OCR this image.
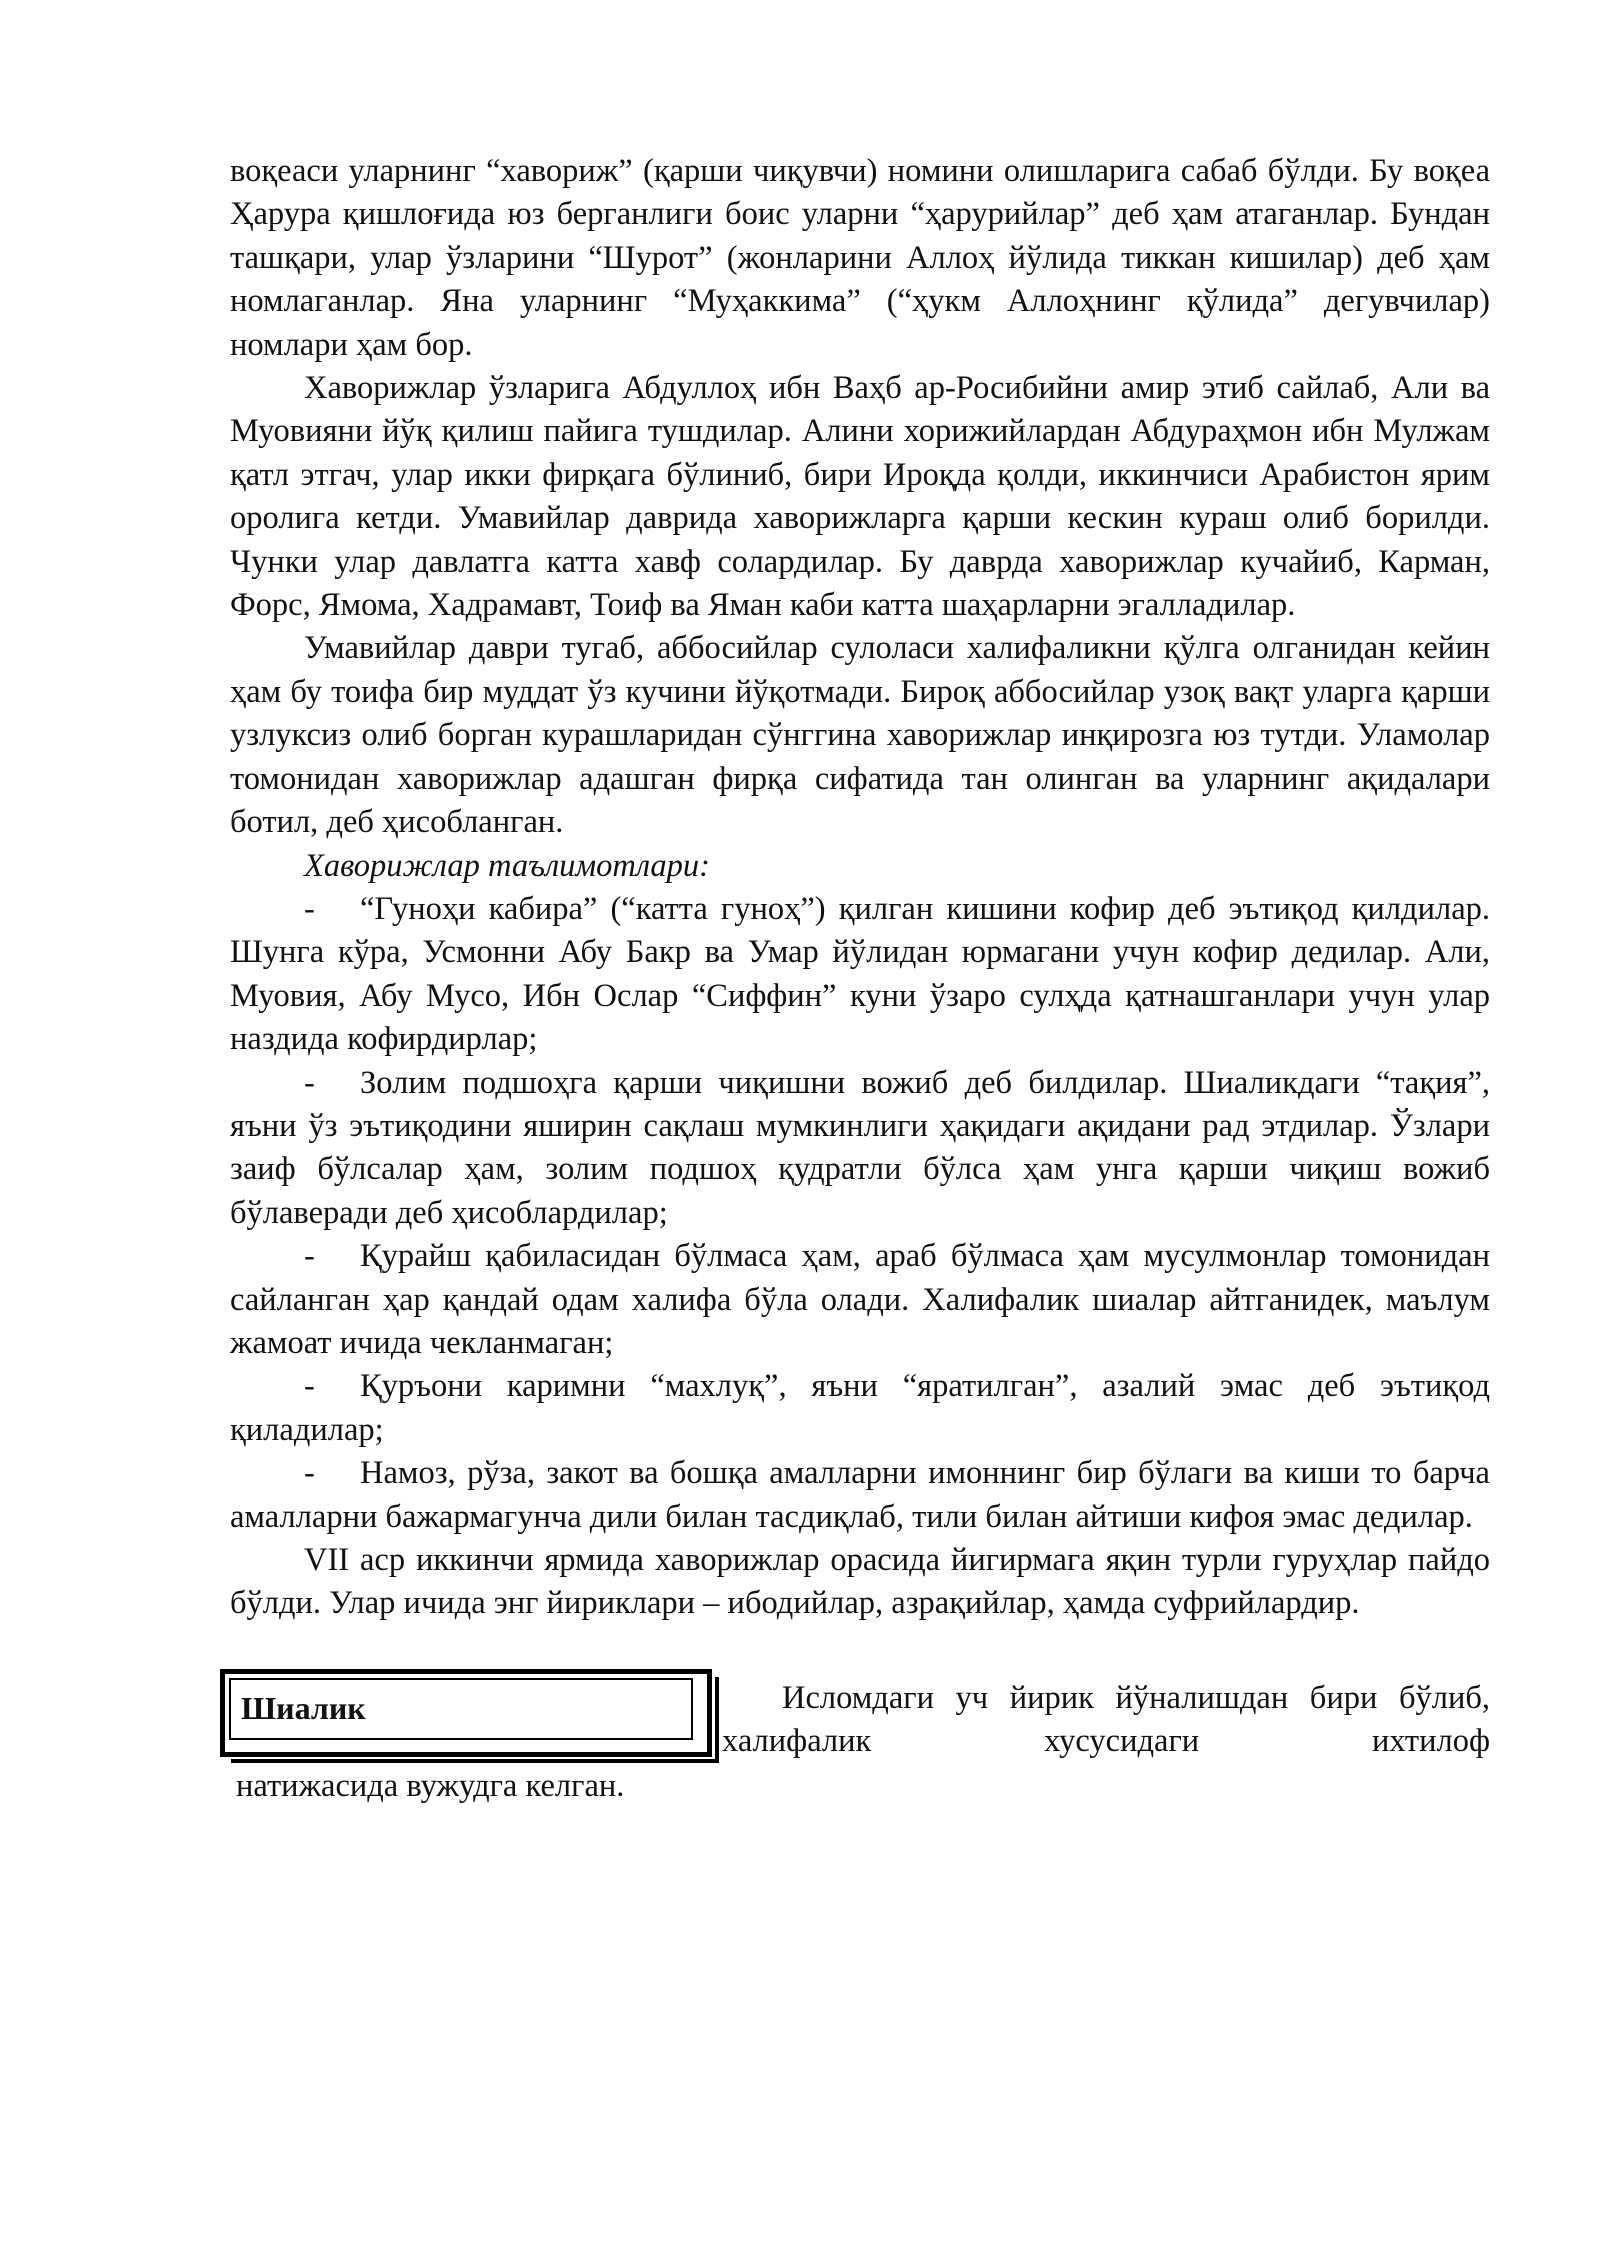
воқеаси уларнинг “хавориж” (қарши чиқувчи) номини олишларига сабаб бўлди. Бу воқеа Ҳарура қишлоғида юз берганлиги боис уларни “ҳарурийлар” деб ҳам атаганлар. Бундан ташқари, улар ўзларини “Шурот” (жонларини Аллоҳ йўлида тиккан кишилар) деб ҳам номлаганлар. Яна уларнинг “Муҳаккима” (“ҳукм Аллоҳнинг қўлида” дегувчилар) номлари ҳам бор.

Хаворижлар ўзларига Абдуллоҳ ибн Ваҳб ар-Росибийни амир этиб сайлаб, Али ва Муовияни йўқ қилиш пайига тушдилар. Алини хорижийлардан Абдураҳмон ибн Мулжам қатл этгач, улар икки фирқага бўлиниб, бири Ироқда қолди, иккинчиси Арабистон ярим оролига кетди. Умавийлар даврида хаворижларга қарши кескин кураш олиб борилди. Чунки улар давлатга катта хавф солардилар. Бу даврда хаворижлар кучайиб, Карман, Форс, Ямома, Хадрамавт, Тоиф ва Яман каби катта шаҳарларни эгалладилар.

Умавийлар даври тугаб, аббосийлар сулоласи халифаликни қўлга олганидан кейин ҳам бу тоифа бир муддат ўз кучини йўқотмади. Бироқ аббосийлар узоқ вақт уларга қарши узлуксиз олиб борган курашларидан сўнггина хаворижлар инқирозга юз тутди. Уламолар томонидан хаворижлар адашган фирқа сифатида тан олинган ва уларнинг ақидалари ботил, деб ҳисобланган.

Хаворижлар таълимотлари:

- “Гуноҳи кабира” (“катта гуноҳ”) қилган кишини кофир деб эътиқод қилдилар. Шунга кўра, Усмонни Абу Бакр ва Умар йўлидан юрмагани учун кофир дедилар. Али, Муовия, Абу Мусо, Ибн Ослар “Сиффин” куни ўзаро сулҳда қатнашганлари учун улар наздида кофирдирлар;

- Золим подшоҳга қарши чиқишни вожиб деб билдилар. Шиаликдаги “тақия”, яъни ўз эътиқодини яширин сақлаш мумкинлиги ҳақидаги ақидани рад этдилар. Ўзлари заиф бўлсалар ҳам, золим подшоҳ қудратли бўлса ҳам унга қарши чиқиш вожиб бўлаверади деб ҳисоблардилар;

- Қурайш қабиласидан бўлмаса ҳам, араб бўлмаса ҳам мусулмонлар томонидан сайланган ҳар қандай одам халифа бўла олади. Халифалик шиалар айтганидек, маълум жамоат ичида чекланмаган;

- Қуръони каримни “махлуқ”, яъни “яратилган”, азалий эмас деб эътиқод қиладилар;

- Намоз, рўза, закот ва бошқа амалларни имоннинг бир бўлаги ва киши то барча амалларни бажармагунча дили билан тасдиқлаб, тили билан айтиши кифоя эмас дедилар.

VII аср иккинчи ярмида хаворижлар орасида йигирмага яқин турли гуруҳлар пайдо бўлди. Улар ичида энг йириклари – ибодийлар, азрақийлар, ҳамда суфрийлардир.

Шиалик	Исломдаги уч йирик йўналишдан бири бўлиб, халифалик хусусидаги ихтилоф
натижасида вужудга келган.
